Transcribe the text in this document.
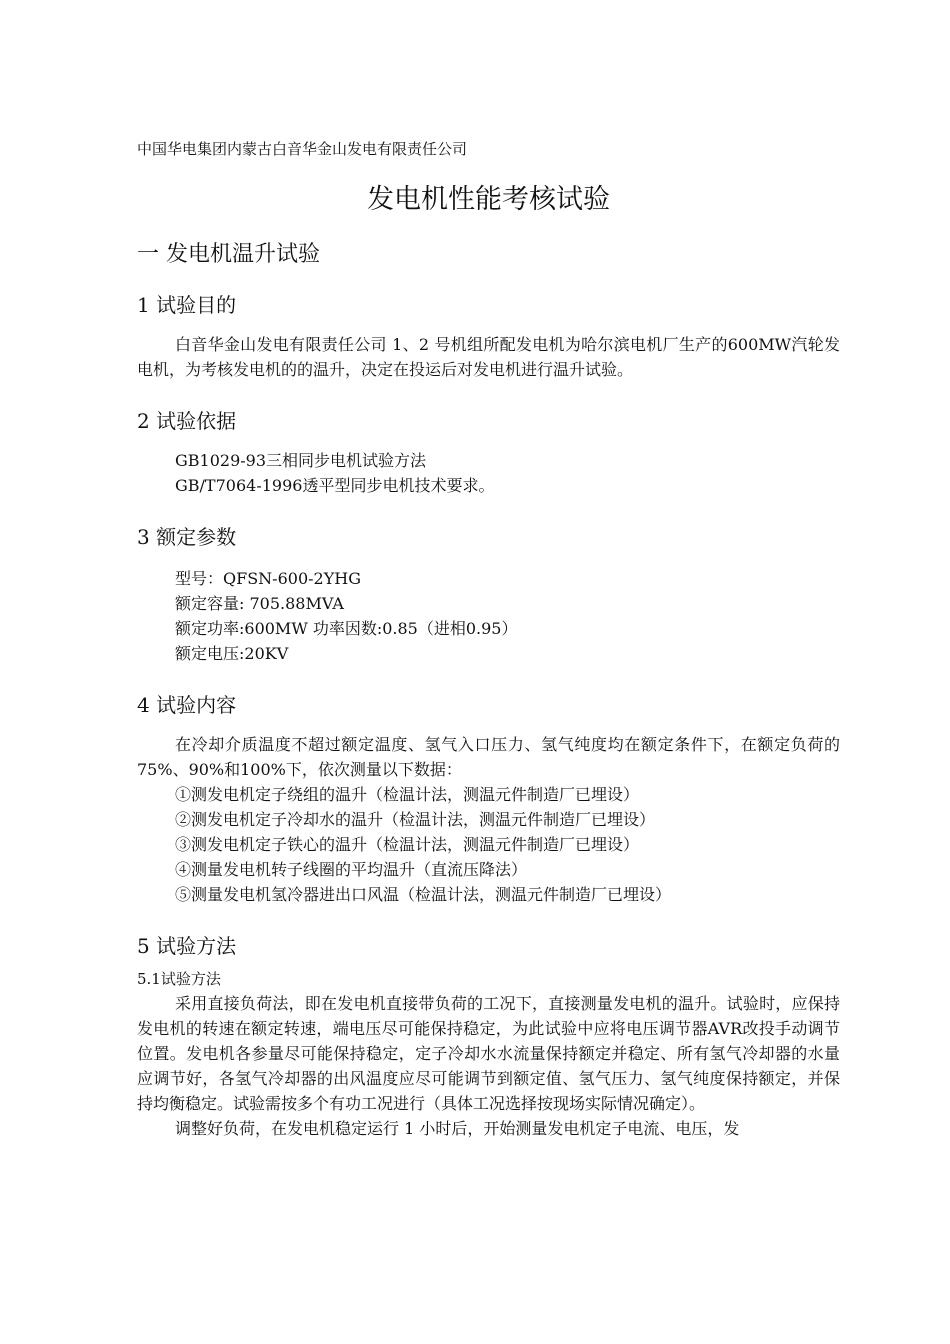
中国华电集团内蒙古白音华金山发电有限责任公司

发电机性能考核试验
一 发电机温升试验
1 试验目的

白音华金山发电有限责任公司 1、2 号机组所配发电机为哈尔滨电机厂生产的600MW汽轮发电机，为考核发电机的的温升，决定在投运后对发电机进行温升试验。

2 试验依据

GB1029-93三相同步电机试验方法

GB/T7064-1996透平型同步电机技术要求。

3 额定参数

型号：QFSN-600-2YHG

额定容量: 705.88MVA

额定功率:600MW 功率因数:0.85（进相0.95）

额定电压:20KV

4 试验内容

在冷却介质温度不超过额定温度、氢气入口压力、氢气纯度均在额定条件下，在额定负荷的75%、90%和100%下，依次测量以下数据：

①测发电机定子绕组的温升（检温计法，测温元件制造厂已埋设）

②测发电机定子冷却水的温升（检温计法，测温元件制造厂已埋设）

③测发电机定子铁心的温升（检温计法，测温元件制造厂已埋设）

④测量发电机转子线圈的平均温升（直流压降法）

⑤测量发电机氢冷器进出口风温（检温计法，测温元件制造厂已埋设）

5 试验方法

5.1试验方法

采用直接负荷法，即在发电机直接带负荷的工况下，直接测量发电机的温升。试验时，应保持发电机的转速在额定转速，端电压尽可能保持稳定，为此试验中应将电压调节器AVR改投手动调节位置。发电机各参量尽可能保持稳定，定子冷却水水流量保持额定并稳定、所有氢气冷却器的水量应调节好，各氢气冷却器的出风温度应尽可能调节到额定值、氢气压力、氢气纯度保持额定，并保持均衡稳定。试验需按多个有功工况进行（具体工况选择按现场实际情况确定）。

调整好负荷，在发电机稳定运行 1 小时后，开始测量发电机定子电流、电压，发
